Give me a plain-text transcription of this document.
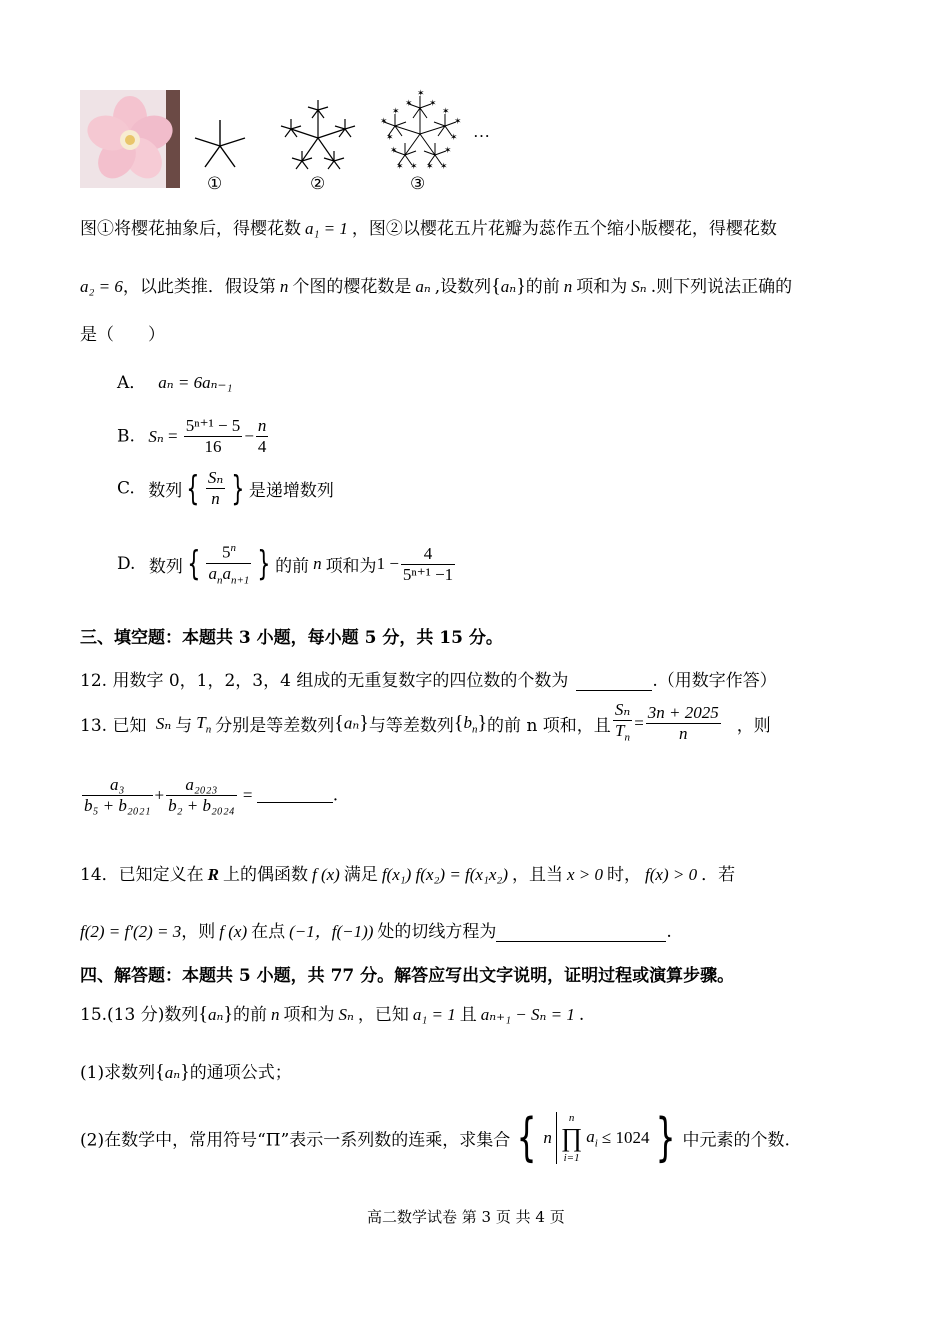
①	②
✶
✶
✶
✶
✶
✶
✶
✶
✶
✶
✶
✶
✶
✶
✶
③
…
图①将樱花抽象后，得樱花数 a₁ = 1 ，图②以樱花五片花瓣为蕊作五个缩小版樱花，得樱花数
a₂ = 6，以此类推．假设第 n 个图的樱花数是 aₙ ,设数列{aₙ}的前 n 项和为 Sₙ .则下列说法正确的
是（　　）
A． aₙ = 6aₙ₋₁
B. $S_n = \frac{\text{5ⁿ⁺¹ − 5}}{16} - \frac{n}{4}$
C. 数列 { $\frac{\text{Sₙ}}{n}$ } 是递增数列
D. 数列 { $\frac{5^n}{a_na_{n+1}}$ } 的前 n 项和为$1 - \frac{4}{\text{5ⁿ⁺¹ −1}}$
三、填空题：本题共 3 小题，每小题 5 分，共 15 分。
12. 用数字 0，1，2，3，4 组成的无重复数字的四位数的个数为	.（用数字作答）
13. 已知 Sₙ 与 $T_n$ 分别是等差数列{aₙ}与等差数列$\{b_n\}$的前 n 项和，且 $\frac{\text{Sₙ}}{T_n} = \frac{3n + 2025}{n}$ ，则
$\frac{\text{a₃}}{\text{b₅ + b₂₀₂₁}} + \frac{\text{a₂₀₂₃}}{\text{b₂ + b₂₀₂₄}}$ =	.
14．已知定义在 R 上的偶函数 f (x) 满足 f(x₁) f(x₂) = f(x₁x₂) ，且当 x > 0 时， f(x) > 0 ．若
f(2) = f′(2) = 3，则 f (x) 在点 (−1，f(−1)) 处的切线方程为	.
四、解答题：本题共 5 小题，共 77 分。解答应写出文字说明，证明过程或演算步骤。
15.(13 分)数列{aₙ}的前 n 项和为 Sₙ ，已知 a₁ = 1 且 aₙ₊₁ − Sₙ = 1 .
(1)求数列{aₙ}的通项公式；
(2)在数学中，常用符号“Π”表示一系列数的连乘，求集合 { n
n
∏
i=1
$a_i \le 1024$ } 中元素的个数.
高二数学试卷 第 3 页 共 4 页
